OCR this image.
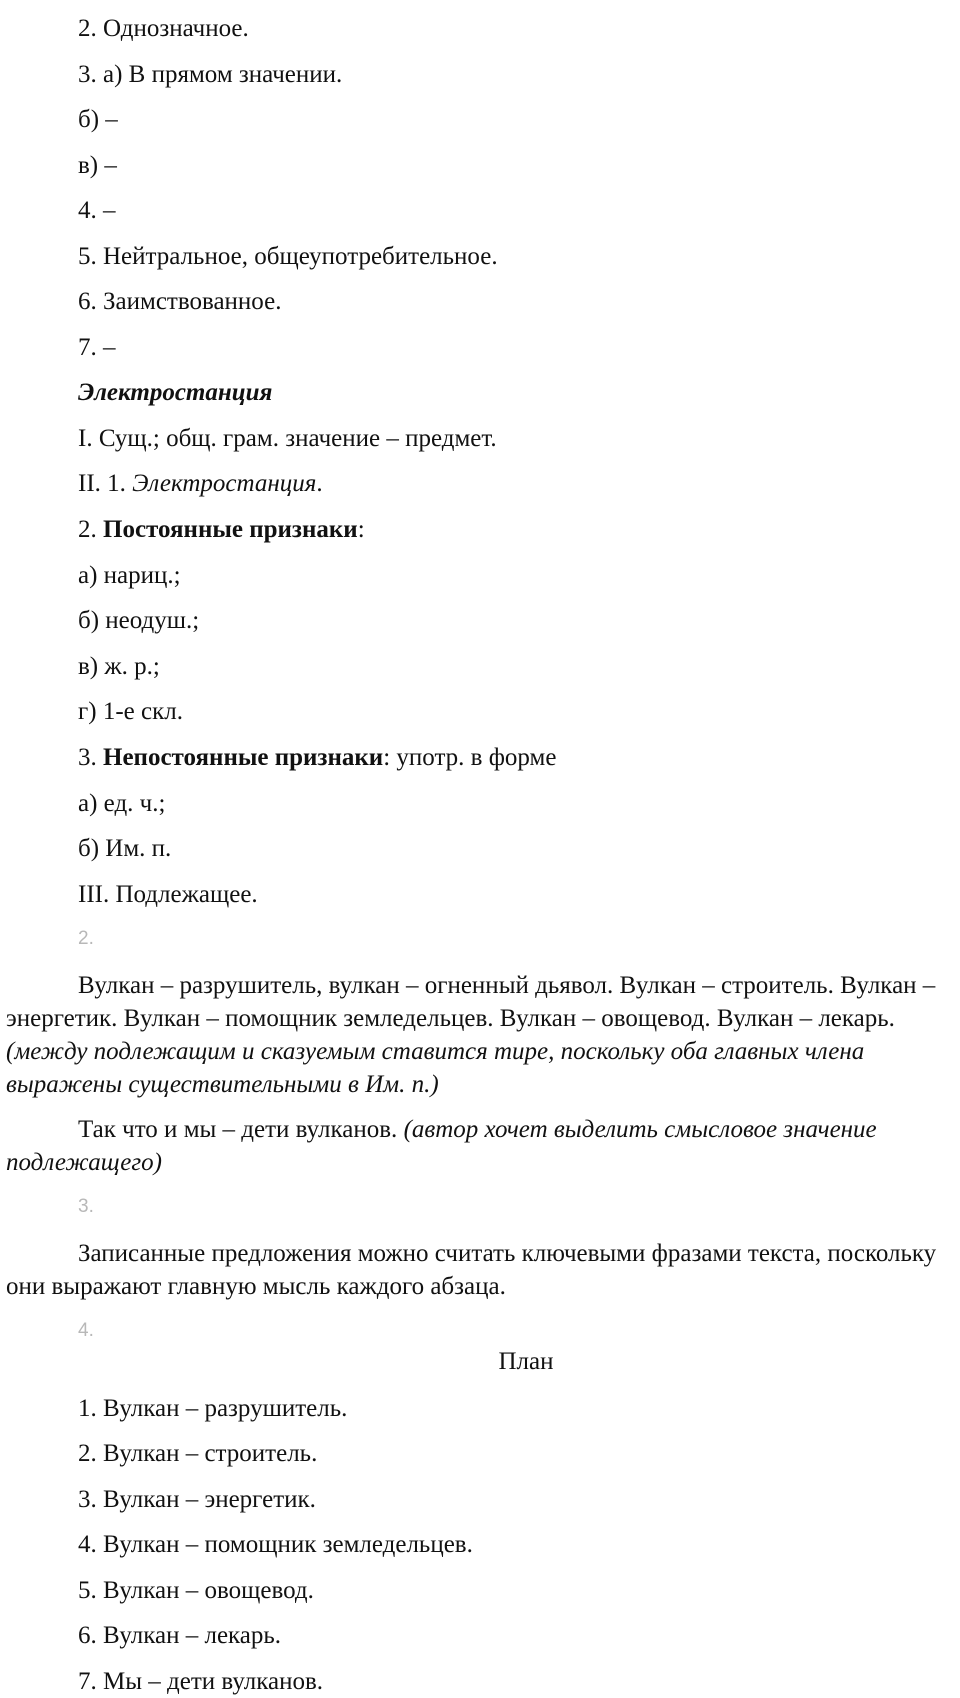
2. Однозначное.
3. а) В прямом значении.
б) –
в) –
4. –
5. Нейтральное, общеупотребительное.
6. Заимствованное.
7. –
Электростанция
I. Сущ.; общ. грам. значение – предмет.
II. 1. Электростанция.
2. Постоянные признаки:
а) нариц.;
б) неодуш.;
в) ж. р.;
г) 1-е скл.
3. Непостоянные признаки: употр. в форме
а) ед. ч.;
б) Им. п.
III. Подлежащее.
2.
Вулкан – разрушитель, вулкан – огненный дьявол. Вулкан – строитель. Вулкан – энергетик. Вулкан – помощник земледельцев. Вулкан – овощевод. Вулкан – лекарь. (между подлежащим и сказуемым ставится тире, поскольку оба главных члена выражены существительными в Им. п.)
Так что и мы – дети вулканов. (автор хочет выделить смысловое значение подлежащего)
3.
Записанные предложения можно считать ключевыми фразами текста, поскольку они выражают главную мысль каждого абзаца.
4.
План
1. Вулкан – разрушитель.
2. Вулкан – строитель.
3. Вулкан – энергетик.
4. Вулкан – помощник земледельцев.
5. Вулкан – овощевод.
6. Вулкан – лекарь.
7. Мы – дети вулканов.
